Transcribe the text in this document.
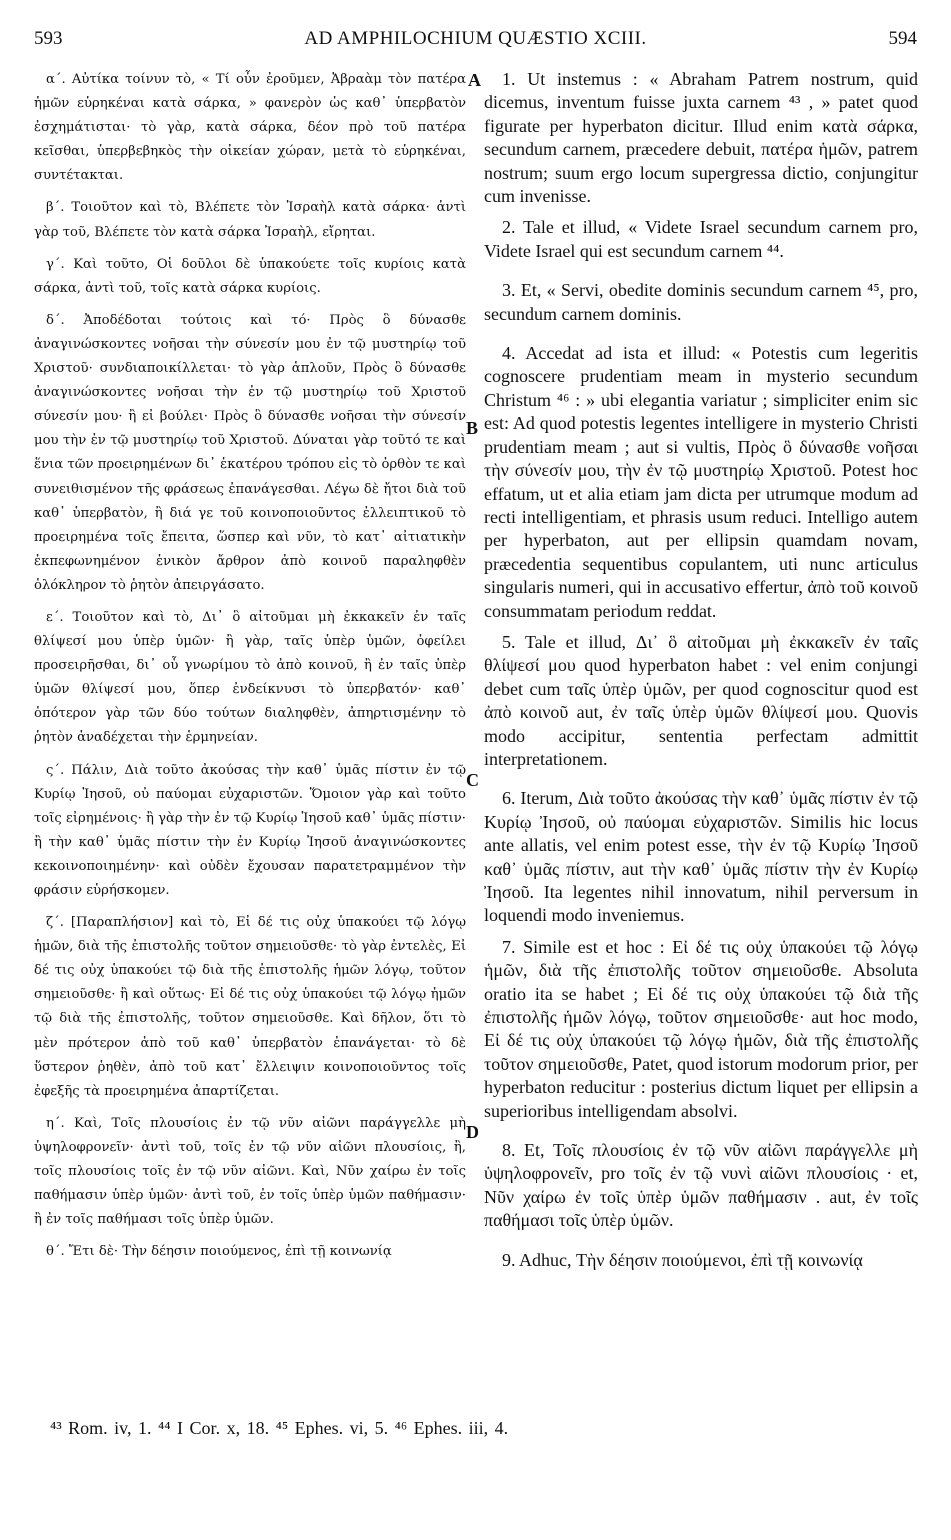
593	AD AMPHILOCHIUM QUÆSTIO XCIII.	594

α΄. Αὐτίκα τοίνυν τὸ, « Τί οὖν ἐροῦμεν, Ἀβραὰμ τὸν πατέρα ἡμῶν εὑρηκέναι κατὰ σάρκα, » φανερὸν ὡς καθ᾽ ὑπερβατὸν ἐσχημάτισται· τὸ γὰρ, κατὰ σάρκα, δέον πρὸ τοῦ πατέρα κεῖσθαι, ὑπερβεβηκὸς τὴν οἰκείαν χώραν, μετὰ τὸ εὑρηκέναι, συντέτακται.

β΄. Τοιοῦτον καὶ τὸ, Βλέπετε τὸν Ἰσραὴλ κατὰ σάρκα· ἀντὶ γὰρ τοῦ, Βλέπετε τὸν κατὰ σάρκα Ἰσραὴλ, εἴρηται.

γ΄. Καὶ τοῦτο, Οἱ δοῦλοι δὲ ὑπακούετε τοῖς κυρίοις κατὰ σάρκα, ἀντὶ τοῦ, τοῖς κατὰ σάρκα κυρίοις.

δ΄. Ἀποδέδοται τούτοις καὶ τό· Πρὸς ὃ δύνασθε ἀναγινώσκοντες νοῆσαι τὴν σύνεσίν μου ἐν τῷ μυστηρίῳ τοῦ Χριστοῦ· συνδιαποικίλλεται· τὸ γὰρ ἁπλοῦν, Πρὸς ὃ δύνασθε ἀναγινώσκοντες νοῆσαι τὴν ἐν τῷ μυστηρίῳ τοῦ Χριστοῦ σύνεσίν μου· ἢ εἰ βούλει· Πρὸς ὃ δύνασθε νοῆσαι τὴν σύνεσίν μου τὴν ἐν τῷ μυστηρίῳ τοῦ Χριστοῦ. Δύναται γὰρ τοῦτό τε καὶ ἕνια τῶν προειρημένων δι᾽ ἑκατέρου τρόπου εἰς τὸ ὀρθὸν τε καὶ συνειθισμένον τῆς φράσεως ἐπανάγεσθαι. Λέγω δὲ ἤτοι διὰ τοῦ καθ᾽ ὑπερβατὸν, ἢ διά γε τοῦ κοινοποιοῦντος ἐλλειπτικοῦ τὸ προειρημένα τοῖς ἔπειτα, ὥσπερ καὶ νῦν, τὸ κατ᾽ αἰτιατικὴν ἐκπεφωνημένον ἑνικὸν ἄρθρον ἀπὸ κοινοῦ παραληφθὲν ὁλόκληρον τὸ ῥητὸν ἀπειργάσατο.

ε΄. Τοιοῦτον καὶ τὸ, Δι᾽ ὃ αἰτοῦμαι μὴ ἐκκακεῖν ἐν ταῖς θλίψεσί μου ὑπὲρ ὑμῶν· ἢ γὰρ, ταῖς ὑπὲρ ὑμῶν, ὀφείλει προσειρῆσθαι, δι᾽ οὗ γνωρίμου τὸ ἀπὸ κοινοῦ, ἢ ἐν ταῖς ὑπὲρ ὑμῶν θλίψεσί μου, ὅπερ ἐνδείκνυσι τὸ ὑπερβατόν· καθ᾽ ὁπότερον γὰρ τῶν δύο τούτων διαληφθὲν, ἀπηρτισμένην τὸ ῥητὸν ἀναδέχεται τὴν ἑρμηνείαν.

ς΄. Πάλιν, Διὰ τοῦτο ἀκούσας τὴν καθ᾽ ὑμᾶς πίστιν ἐν τῷ Κυρίῳ Ἰησοῦ, οὐ παύομαι εὐχαριστῶν. Ὅμοιον γὰρ καὶ τοῦτο τοῖς εἰρημένοις· ἢ γὰρ τὴν ἐν τῷ Κυρίῳ Ἰησοῦ καθ᾽ ὑμᾶς πίστιν· ἢ τὴν καθ᾽ ὑμᾶς πίστιν τὴν ἐν Κυρίῳ Ἰησοῦ ἀναγινώσκοντες κεκοινοποιημένην· καὶ οὐδὲν ἔχουσαν παρατετραμμένον τὴν φράσιν εὑρήσκομεν.

ζ΄. [Παραπλήσιον] καὶ τὸ, Εἰ δέ τις οὐχ ὑπακούει τῷ λόγῳ ἡμῶν, διὰ τῆς ἐπιστολῆς τοῦτον σημειοῦσθε· τὸ γὰρ ἐντελὲς, Εἰ δέ τις οὐχ ὑπακούει τῷ διὰ τῆς ἐπιστολῆς ἡμῶν λόγῳ, τοῦτον σημειοῦσθε· ἢ καὶ οὕτως· Εἰ δέ τις οὐχ ὑπακούει τῷ λόγῳ ἡμῶν τῷ διὰ τῆς ἐπιστολῆς, τοῦτον σημειοῦσθε. Καὶ δῆλον, ὅτι τὸ μὲν πρότερον ἀπὸ τοῦ καθ᾽ ὑπερβατὸν ἐπανάγεται· τὸ δὲ ὕστερον ῥηθὲν, ἀπὸ τοῦ κατ᾽ ἔλλειψιν κοινοποιοῦντος τοῖς ἐφεξῆς τὰ προειρημένα ἀπαρτίζεται.

η΄. Καὶ, Τοῖς πλουσίοις ἐν τῷ νῦν αἰῶνι παράγγελλε μὴ ὑψηλοφρονεῖν· ἀντὶ τοῦ, τοῖς ἐν τῷ νῦν αἰῶνι πλουσίοις, ἢ, τοῖς πλουσίοις τοῖς ἐν τῷ νῦν αἰῶνι. Καὶ, Νῦν χαίρω ἐν τοῖς παθήμασιν ὑπὲρ ὑμῶν· ἀντὶ τοῦ, ἐν τοῖς ὑπὲρ ὑμῶν παθήμασιν· ἢ ἐν τοῖς παθήμασι τοῖς ὑπὲρ ὑμῶν.

θ΄. Ἔτι δὲ· Τὴν δέησιν ποιούμενος, ἐπὶ τῇ κοινωνίᾳ

A
B
C
D

1. Ut instemus : « Abraham Patrem nostrum, quid dicemus, inventum fuisse juxta carnem ⁴³ , » patet quod figurate per hyperbaton dicitur. Illud enim κατὰ σάρκα, secundum carnem, præcedere debuit, πατέρα ἡμῶν, patrem nostrum; suum ergo locum supergressa dictio, conjungitur cum invenisse.

2. Tale et illud, « Videte Israel secundum carnem pro, Videte Israel qui est secundum carnem ⁴⁴.

3. Et, « Servi, obedite dominis secundum carnem ⁴⁵, pro, secundum carnem dominis.

4. Accedat ad ista et illud: « Potestis cum legeritis cognoscere prudentiam meam in mysterio secundum Christum ⁴⁶ : » ubi elegantia variatur ; simpliciter enim sic est: Ad quod potestis legentes intelligere in mysterio Christi prudentiam meam ; aut si vultis, Πρὸς ὃ δύνασθε νοῆσαι τὴν σύνεσίν μου, τὴν ἐν τῷ μυστηρίῳ Χριστοῦ. Potest hoc effatum, ut et alia etiam jam dicta per utrumque modum ad recti intelligentiam, et phrasis usum reduci. Intelligo autem per hyperbaton, aut per ellipsin quamdam novam, præcedentia sequentibus copulantem, uti nunc articulus singularis numeri, qui in accusativo effertur, ἀπὸ τοῦ κοινοῦ consummatam periodum reddat.

5. Tale et illud, Δι᾽ ὃ αἰτοῦμαι μὴ ἐκκακεῖν ἐν ταῖς θλίψεσί μου quod hyperbaton habet : vel enim conjungi debet cum ταῖς ὑπὲρ ὑμῶν, per quod cognoscitur quod est ἀπὸ κοινοῦ aut, ἐν ταῖς ὑπὲρ ὑμῶν θλίψεσί μου. Quovis modo accipitur, sententia perfectam admittit interpretationem.

6. Iterum, Διὰ τοῦτο ἀκούσας τὴν καθ᾽ ὑμᾶς πίστιν ἐν τῷ Κυρίῳ Ἰησοῦ, οὐ παύομαι εὐχαριστῶν. Similis hic locus ante allatis, vel enim potest esse, τὴν ἐν τῷ Κυρίῳ Ἰησοῦ καθ᾽ ὑμᾶς πίστιν, aut τὴν καθ᾽ ὑμᾶς πίστιν τὴν ἐν Κυρίῳ Ἰησοῦ. Ita legentes nihil innovatum, nihil perversum in loquendi modo inveniemus.

7. Simile est et hoc : Εἰ δέ τις οὐχ ὑπακούει τῷ λόγῳ ἡμῶν, διὰ τῆς ἐπιστολῆς τοῦτον σημειοῦσθε. Absoluta oratio ita se habet ; Εἰ δέ τις οὐχ ὑπακούει τῷ διὰ τῆς ἐπιστολῆς ἡμῶν λόγῳ, τοῦτον σημειοῦσθε· aut hoc modo, Εἰ δέ τις οὐχ ὑπακούει τῷ λόγῳ ἡμῶν, διὰ τῆς ἐπιστολῆς τοῦτον σημειοῦσθε, Patet, quod istorum modorum prior, per hyperbaton reducitur : posterius dictum liquet per ellipsin a superioribus intelligendam absolvi.

8. Et, Τοῖς πλουσίοις ἐν τῷ νῦν αἰῶνι παράγγελλε μὴ ὑψηλοφρονεῖν, pro τοῖς ἐν τῷ νυνὶ αἰῶνι πλουσίοις · et, Νῦν χαίρω ἐν τοῖς ὑπὲρ ὑμῶν παθήμασιν . aut, ἐν τοῖς παθήμασι τοῖς ὑπὲρ ὑμῶν.

9. Adhuc, Τὴν δέησιν ποιούμενοι, ἐπὶ τῇ κοινωνίᾳ

⁴³ Rom. iv, 1. ⁴⁴ I Cor. x, 18. ⁴⁵ Ephes. vi, 5. ⁴⁶ Ephes. iii, 4.
